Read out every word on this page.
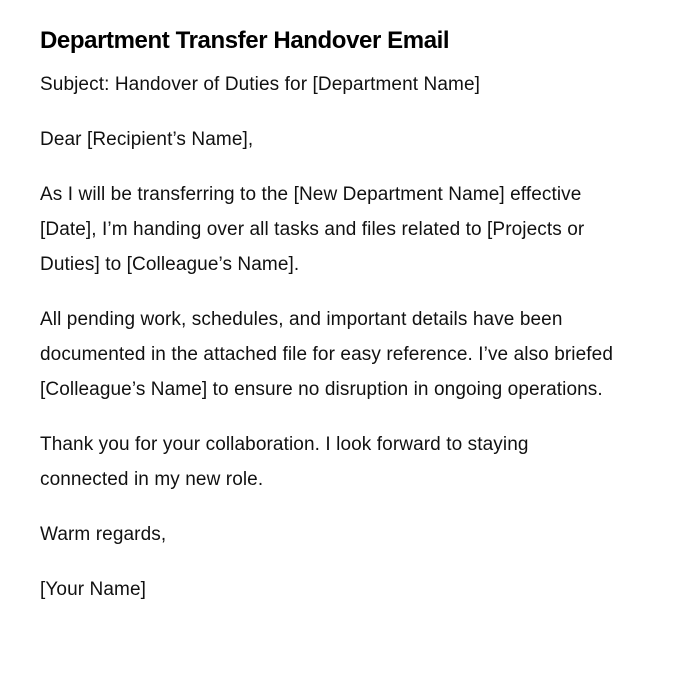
Department Transfer Handover Email

Subject: Handover of Duties for [Department Name]

Dear [Recipient’s Name],

As I will be transferring to the [New Department Name] effective [Date], I’m handing over all tasks and files related to [Projects or Duties] to [Colleague’s Name].

All pending work, schedules, and important details have been documented in the attached file for easy reference. I’ve also briefed [Colleague’s Name] to ensure no disruption in ongoing operations.

Thank you for your collaboration. I look forward to staying connected in my new role.

Warm regards,

[Your Name]
